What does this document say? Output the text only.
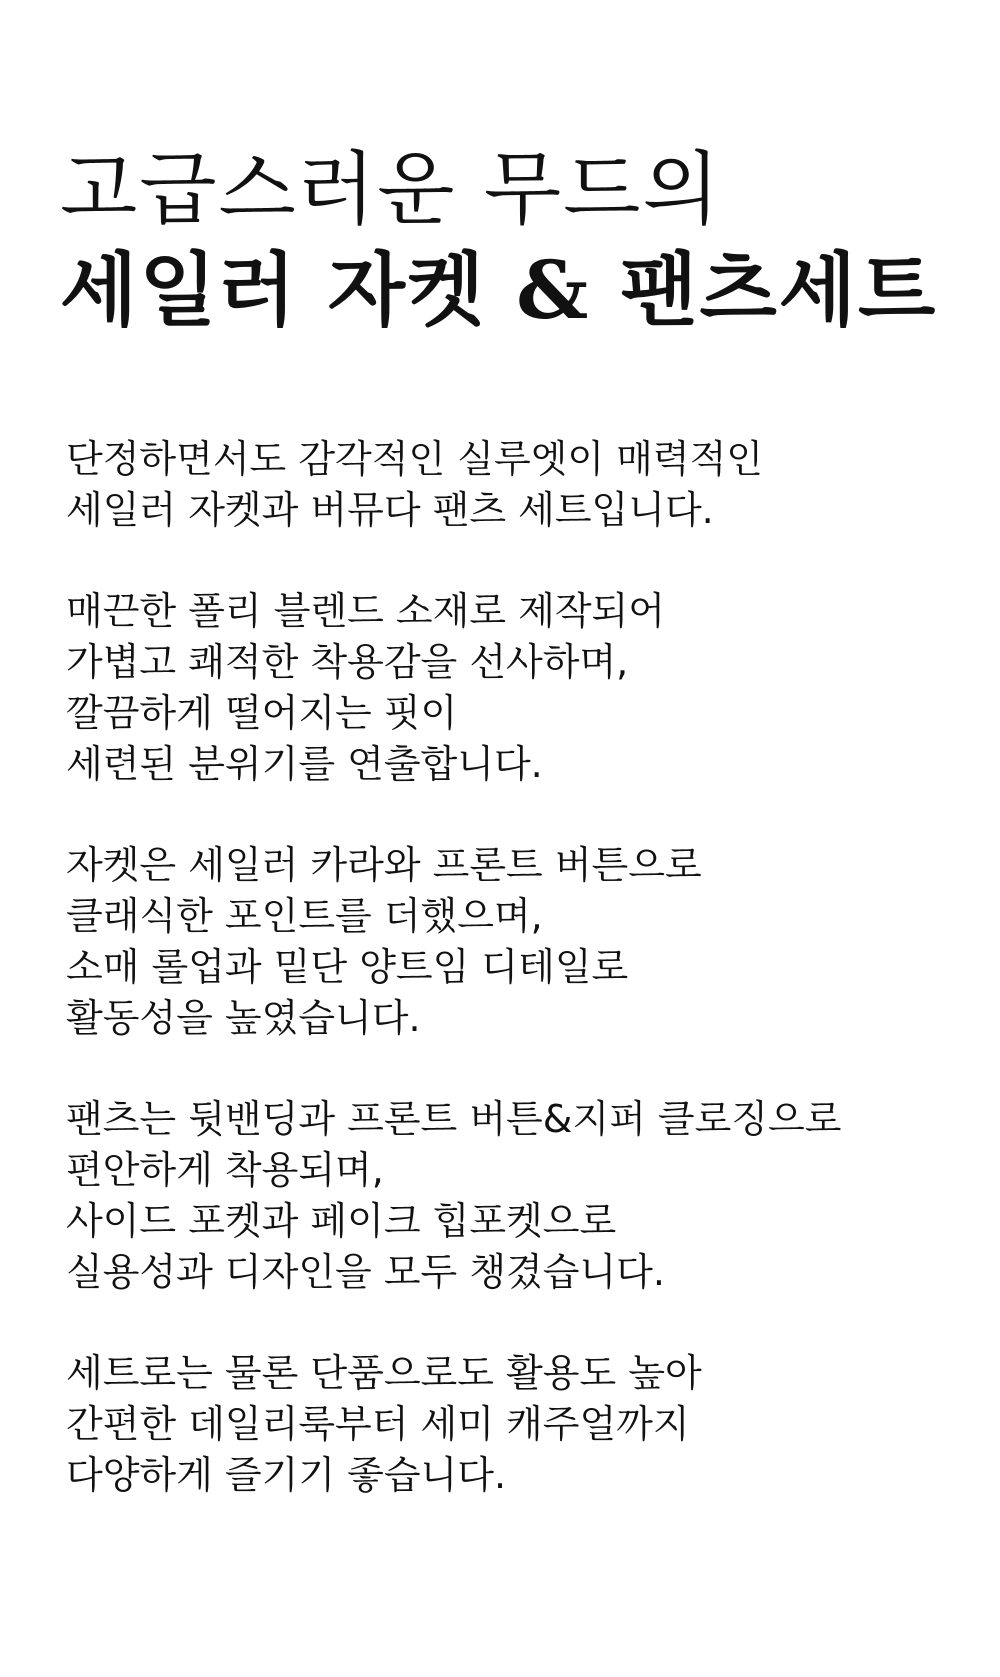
고급스러운 무드의
세일러 자켓 & 팬츠세트
단정하면서도 감각적인 실루엣이 매력적인
세일러 자켓과 버뮤다 팬츠 세트입니다.
매끈한 폴리 블렌드 소재로 제작되어
가볍고 쾌적한 착용감을 선사하며,
깔끔하게 떨어지는 핏이
세련된 분위기를 연출합니다.
자켓은 세일러 카라와 프론트 버튼으로
클래식한 포인트를 더했으며,
소매 롤업과 밑단 양트임 디테일로
활동성을 높였습니다.
팬츠는 뒷밴딩과 프론트 버튼&지퍼 클로징으로
편안하게 착용되며,
사이드 포켓과 페이크 힙포켓으로
실용성과 디자인을 모두 챙겼습니다.
세트로는 물론 단품으로도 활용도 높아
간편한 데일리룩부터 세미 캐주얼까지
다양하게 즐기기 좋습니다.
